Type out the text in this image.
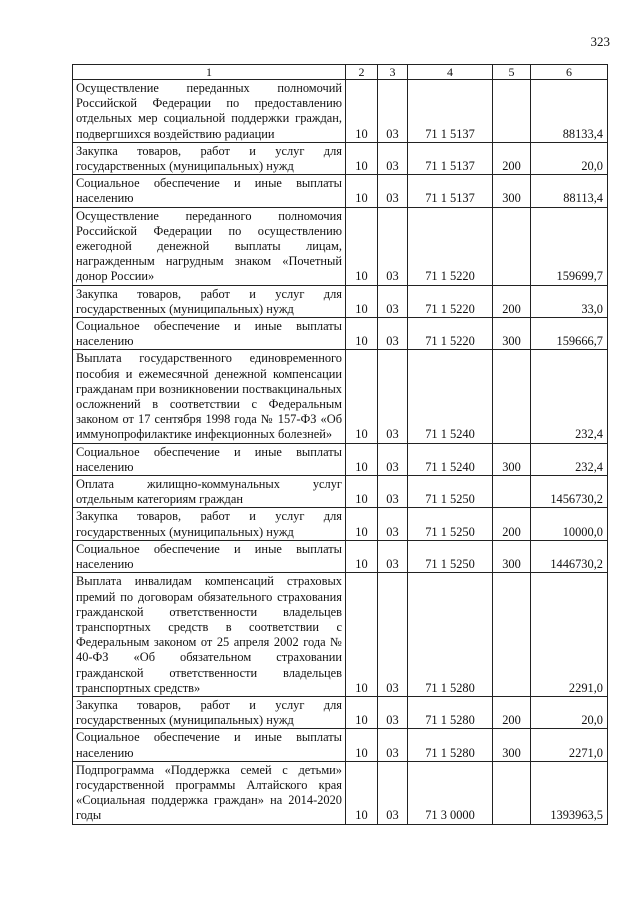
323
1	2	3	4	5	6
Осуществление переданных полномочий Российской Федерации по предоставлению отдельных мер социальной поддержки граждан, подвергшихся воздействию радиации	10	03	71 1 5137		88133,4
Закупка товаров, работ и услуг для государственных (муниципальных) нужд	10	03	71 1 5137	200	20,0
Социальное обеспечение и иные выплаты населению	10	03	71 1 5137	300	88113,4
Осуществление переданного полномочия Российской Федерации по осуществлению ежегодной денежной выплаты лицам, награжденным нагрудным знаком «Почетный донор России»	10	03	71 1 5220		159699,7
Закупка товаров, работ и услуг для государственных (муниципальных) нужд	10	03	71 1 5220	200	33,0
Социальное обеспечение и иные выплаты населению	10	03	71 1 5220	300	159666,7
Выплата государственного единовременного пособия и ежемесячной денежной компенсации гражданам при возникновении поствакцинальных осложнений в соответствии с Федеральным законом от 17 сентября 1998 года № 157-ФЗ «Об иммунопрофилактике инфекционных болезней»	10	03	71 1 5240		232,4
Социальное обеспечение и иные выплаты населению	10	03	71 1 5240	300	232,4
Оплата жилищно-коммунальных услуг отдельным категориям граждан	10	03	71 1 5250		1456730,2
Закупка товаров, работ и услуг для государственных (муниципальных) нужд	10	03	71 1 5250	200	10000,0
Социальное обеспечение и иные выплаты населению	10	03	71 1 5250	300	1446730,2
Выплата инвалидам компенсаций страховых премий по договорам обязательного страхования гражданской ответственности владельцев транспортных средств в соответствии с Федеральным законом от 25 апреля 2002 года № 40-ФЗ «Об обязательном страховании гражданской ответственности владельцев транспортных средств»	10	03	71 1 5280		2291,0
Закупка товаров, работ и услуг для государственных (муниципальных) нужд	10	03	71 1 5280	200	20,0
Социальное обеспечение и иные выплаты населению	10	03	71 1 5280	300	2271,0
Подпрограмма «Поддержка семей с детьми» государственной программы Алтайского края «Социальная поддержка граждан» на 2014-2020 годы	10	03	71 3 0000		1393963,5
